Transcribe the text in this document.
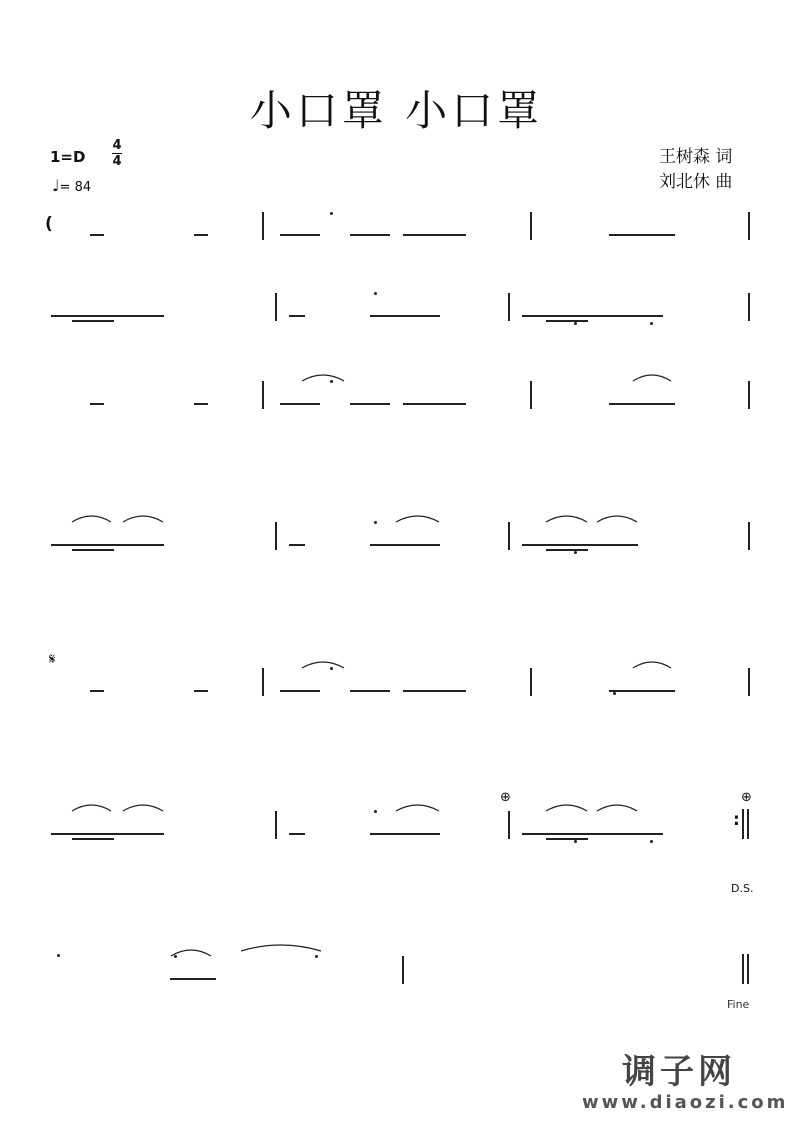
小口罩 小口罩
1=D
4
4
♩= 84
王树森 词
刘北休 曲
(
:
𝄋
⊕	⊕
D.S.
Fine
调子网
www.diaozi.com
